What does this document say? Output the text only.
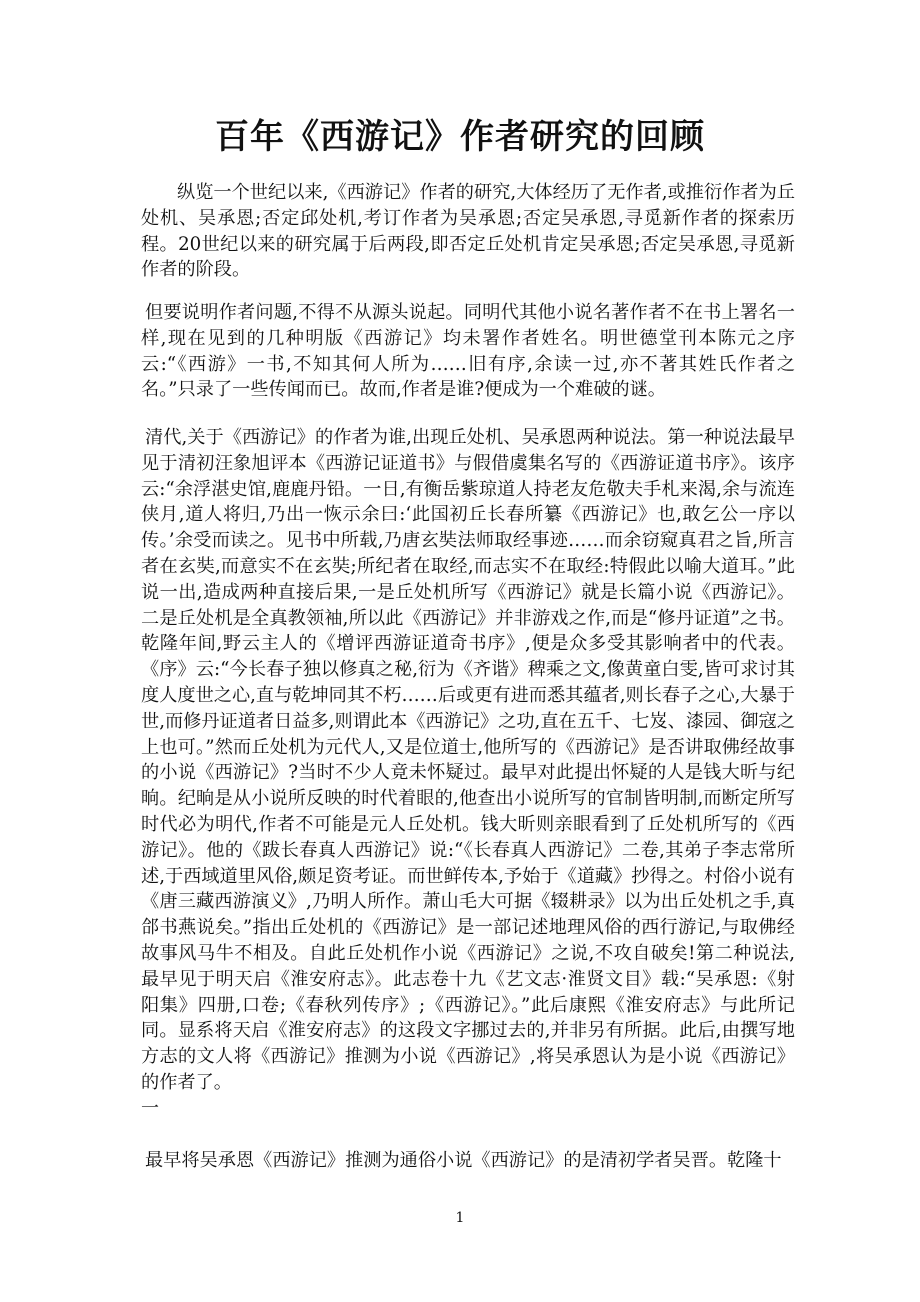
百年《西游记》作者研究的回顾

纵览一个世纪以来,《西游记》作者的研究,大体经历了无作者,或推衍作者为丘处机、吴承恩;否定邱处机,考订作者为吴承恩;否定吴承恩,寻觅新作者的探索历程。20世纪以来的研究属于后两段,即否定丘处机肯定吴承恩;否定吴承恩,寻觅新作者的阶段。

但要说明作者问题,不得不从源头说起。同明代其他小说名著作者不在书上署名一样,现在见到的几种明版《西游记》均未署作者姓名。明世德堂刊本陈元之序云:“《西游》一书,不知其何人所为……旧有序,余读一过,亦不著其姓氏作者之名。”只录了一些传闻而已。故而,作者是谁?便成为一个难破的谜。

清代,关于《西游记》的作者为谁,出现丘处机、吴承恩两种说法。第一种说法最早见于清初汪象旭评本《西游记证道书》与假借虞集名写的《西游证道书序》。该序云:“余浮湛史馆,鹿鹿丹铅。一日,有衡岳紫琼道人持老友危敬夫手札来渴,余与流连侠月,道人将归,乃出一恢示余曰:‘此国初丘长春所纂《西游记》也,敢乞公一序以传。’余受而读之。见书中所载,乃唐玄奘法师取经事迹……而余窃窥真君之旨,所言者在玄奘,而意实不在玄奘;所纪者在取经,而志实不在取经:特假此以喻大道耳。”此说一出,造成两种直接后果,一是丘处机所写《西游记》就是长篇小说《西游记》。二是丘处机是全真教领袖,所以此《西游记》并非游戏之作,而是“修丹证道”之书。乾隆年间,野云主人的《增评西游证道奇书序》,便是众多受其影响者中的代表。《序》云:“今长春子独以修真之秘,衍为《齐谐》稗乘之文,像黄童白雯,皆可求讨其度人度世之心,直与乾坤同其不朽……后或更有进而悉其蕴者,则长春子之心,大暴于世,而修丹证道者日益多,则谓此本《西游记》之功,直在五千、七岌、漆园、御寇之上也可。”然而丘处机为元代人,又是位道士,他所写的《西游记》是否讲取佛经故事的小说《西游记》?当时不少人竟未怀疑过。最早对此提出怀疑的人是钱大昕与纪晌。纪晌是从小说所反映的时代着眼的,他查出小说所写的官制皆明制,而断定所写时代必为明代,作者不可能是元人丘处机。钱大昕则亲眼看到了丘处机所写的《西游记》。他的《跋长春真人西游记》说:“《长春真人西游记》二卷,其弟子李志常所述,于西域道里风俗,颇足资考证。而世鲜传本,予始于《道藏》抄得之。村俗小说有《唐三藏西游演义》,乃明人所作。萧山毛大可据《辍耕录》以为出丘处机之手,真郃书燕说矣。”指出丘处机的《西游记》是一部记述地理风俗的西行游记,与取佛经故事风马牛不相及。自此丘处机作小说《西游记》之说,不攻自破矣!第二种说法,最早见于明天启《淮安府志》。此志卷十九《艺文志·淮贤文目》载:“吴承恩:《射阳集》四册,口卷;《春秋列传序》;《西游记》。”此后康熙《淮安府志》与此所记同。显系将天启《淮安府志》的这段文字挪过去的,并非另有所据。此后,由撰写地方志的文人将《西游记》推测为小说《西游记》,将吴承恩认为是小说《西游记》的作者了。

一

最早将吴承恩《西游记》推测为通俗小说《西游记》的是清初学者吴晋。乾隆十

1
